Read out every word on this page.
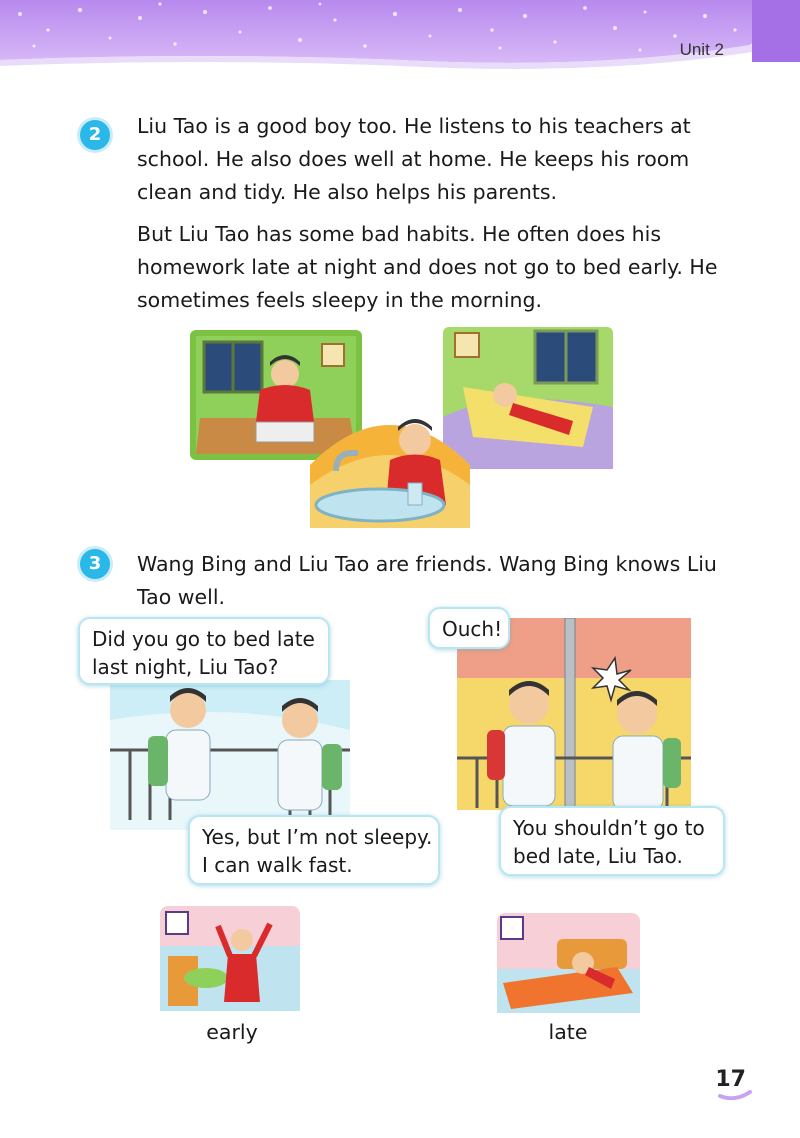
Unit 2
2	Liu Tao is a good boy too. He listens to his teachers at school. He also does well at home. He keeps his room clean and tidy. He also helps his parents.

But Liu Tao has some bad habits. He often does his homework late at night and does not go to bed early. He sometimes feels sleepy in the morning.

3	Wang Bing and Liu Tao are friends. Wang Bing knows Liu Tao well.

Did you go to bed late
last night, Liu Tao?
Ouch!
Yes, but I’m not sleepy.
I can walk fast.
You shouldn’t go to
bed late, Liu Tao.
early	late
17
